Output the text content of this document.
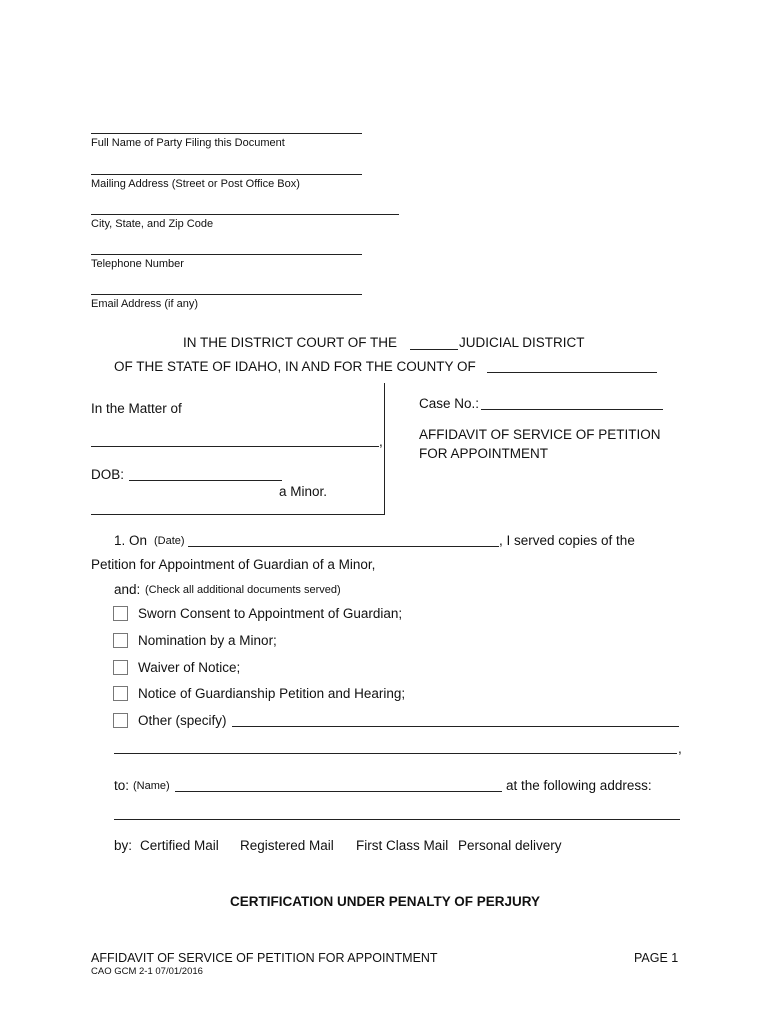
Full Name of Party Filing this Document
Mailing Address (Street or Post Office Box)
City, State, and Zip Code
Telephone Number
Email Address (if any)
IN THE DISTRICT COURT OF THE	JUDICIAL DISTRICT
OF THE STATE OF IDAHO, IN AND FOR THE COUNTY OF
In the Matter of
,
DOB:
a Minor.
Case No.:
AFFIDAVIT OF SERVICE OF PETITION
FOR APPOINTMENT
1. On (Date)	, I served copies of the
Petition for Appointment of Guardian of a Minor,
and: (Check all additional documents served)
Sworn Consent to Appointment of Guardian;
Nomination by a Minor;
Waiver of Notice;
Notice of Guardianship Petition and Hearing;
Other (specify)
,
to: (Name)	at the following address:
by: Certified Mail Registered Mail First Class Mail Personal delivery
CERTIFICATION UNDER PENALTY OF PERJURY
AFFIDAVIT OF SERVICE OF PETITION FOR APPOINTMENT	PAGE 1
CAO GCM 2-1 07/01/2016
